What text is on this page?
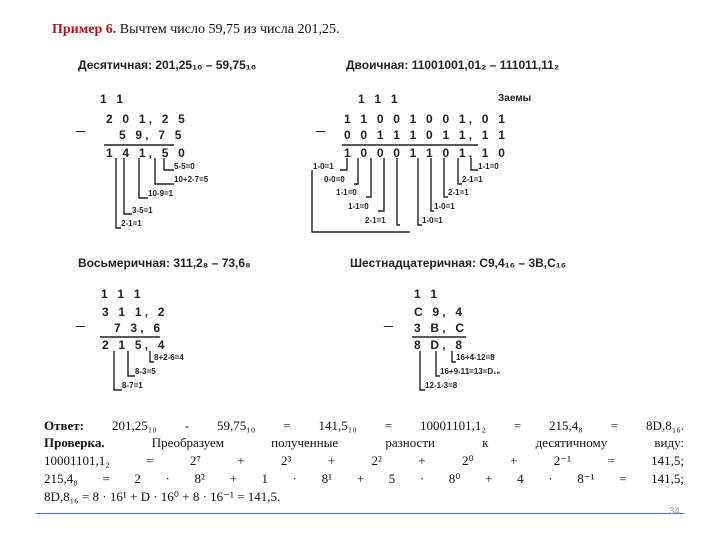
Пример 6. Вычтем число 59,75 из числа 201,25.
Десятичная: 201,25₁₀ – 59,75₁₀
1 1
_ 2 0 1, 2 5
5 9, 7 5
1 4 1, 5 0
5-5=0
10+2-7=5
10-9=1
3-5=1
2-1=1
Двоичная: 11001001,01₂ – 111011,11₂
1 1 1	Заемы
_ 1 1 0 0 1 0 0 1, 0 1
0 0 1 1 1 0 1 1, 1 1
1 0 0 0 1 1 0 1, 1 0
1-0=1
0-0=0
1-1=0
1-1=0
2-1=1
1-1=0
2-1=1
2-1=1
1-0=1
1-0=1
Восьмеричная: 311,2₈ – 73,6₈
1 1 1
_ 3 1 1, 2
7 3, 6
2 1 5, 4
8+2-6=4
8-3=5
8-7=1
Шестнадцатеричная: C9,4₁₆ – 3B,C₁₆
1 1
_ C 9, 4
3 B, C
8 D, 8
16+4-12=8
16+9-11=13=D₁₆
12-1-3=8
Ответ: 201,25₁₀ - 59,75₁₀ = 141,5₁₀ = 10001101,1₂ = 215,4₈ = 8D,8₁₆.
Проверка.	Преобразуем полученные разности к десятичному виду:
10001101,1₂ = 2⁷ + 2³ + 2² + 2⁰ + 2⁻¹ = 141,5;
215,4₈ = 2 · 8² + 1 · 8¹ + 5 · 8⁰ + 4 · 8⁻¹ = 141,5;
8D,8₁₆ = 8 · 16¹ + D · 16⁰ + 8 · 16⁻¹ = 141,5.
34
